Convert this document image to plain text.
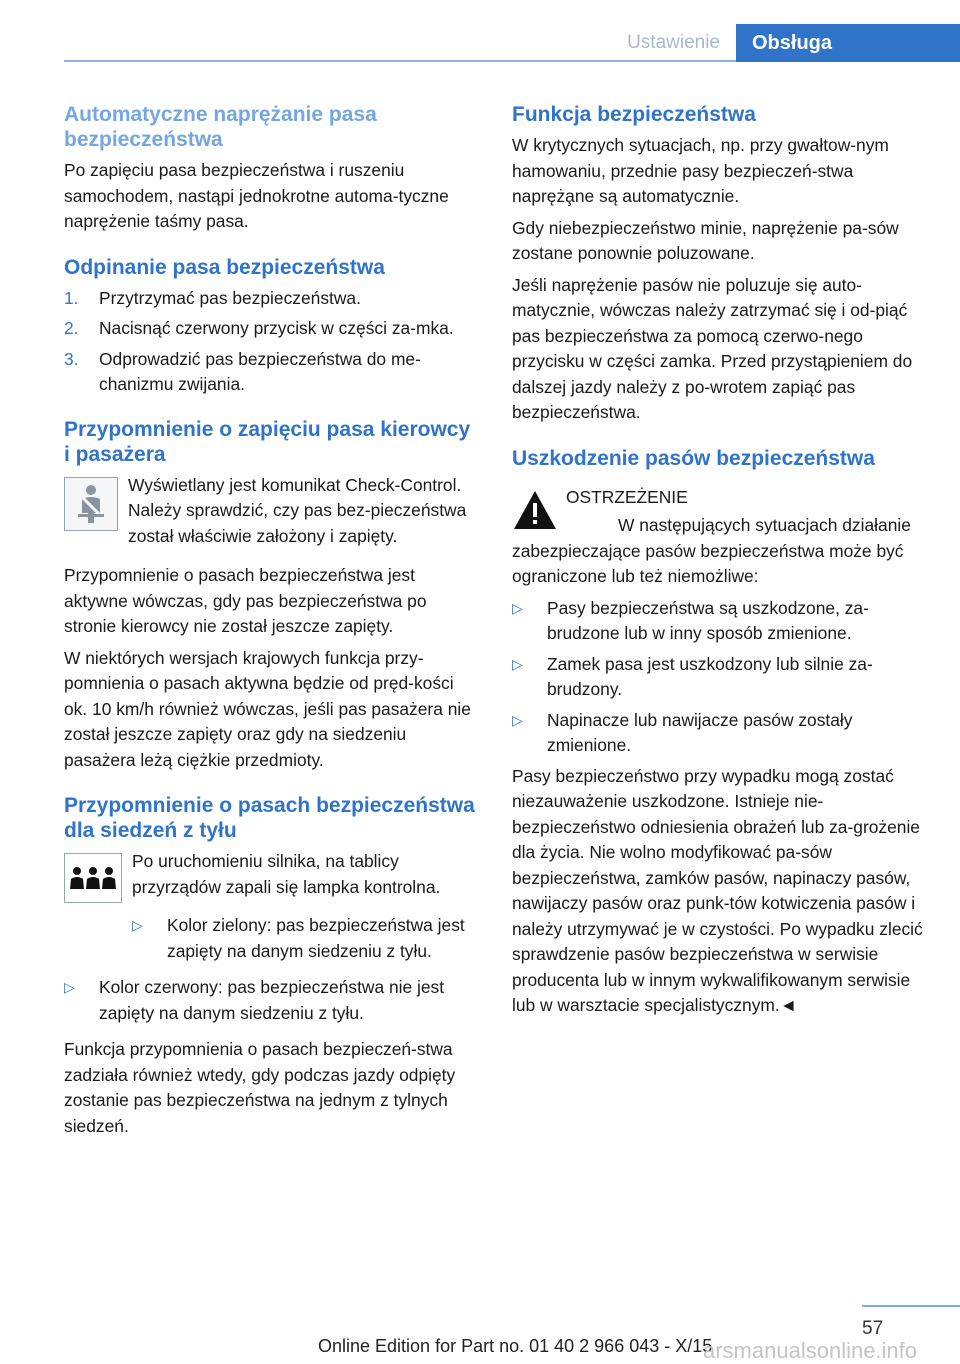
Ustawienie	Obsługa
Automatyczne naprężanie pasa bezpieczeństwa

Po zapięciu pasa bezpieczeństwa i ruszeniu samochodem, nastąpi jednokrotne automa-tyczne naprężenie taśmy pasa.

Odpinanie pasa bezpieczeństwa
1. Przytrzymać pas bezpieczeństwa.
2. Nacisnąć czerwony przycisk w części za-mka.
3. Odprowadzić pas bezpieczeństwa do me-chanizmu zwijania.
Przypomnienie o zapięciu pasa kierowcy i pasażera

Wyświetlany jest komunikat Check-Control. Należy sprawdzić, czy pas bez-pieczeństwa został właściwie założony i zapięty.

Przypomnienie o pasach bezpieczeństwa jest aktywne wówczas, gdy pas bezpieczeństwa po stronie kierowcy nie został jeszcze zapięty.

W niektórych wersjach krajowych funkcja przy-pomnienia o pasach aktywna będzie od pręd-kości ok. 10 km/h również wówczas, jeśli pas pasażera nie został jeszcze zapięty oraz gdy na siedzeniu pasażera leżą ciężkie przedmioty.

Przypomnienie o pasach bezpieczeństwa dla siedzeń z tyłu

Po uruchomieniu silnika, na tablicy przyrządów zapali się lampka kontrolna.

▷ Kolor zielony: pas bezpieczeństwa jest zapięty na danym siedzeniu z tyłu.
▷ Kolor czerwony: pas bezpieczeństwa nie jest zapięty na danym siedzeniu z tyłu.

Funkcja przypomnienia o pasach bezpieczeń-stwa zadziała również wtedy, gdy podczas jazdy odpięty zostanie pas bezpieczeństwa na jednym z tylnych siedzeń.

Funkcja bezpieczeństwa

W krytycznych sytuacjach, np. przy gwałtow-nym hamowaniu, przednie pasy bezpieczeń-stwa napręża̧ne są automatycznie.

Gdy niebezpieczeństwo minie, naprężenie pa-sów zostane ponownie poluzowane.

Jeśli naprężenie pasów nie poluzuje się auto-matycznie, wówczas należy zatrzymać się i od-piąć pas bezpieczeństwa za pomocą czerwo-nego przycisku w części zamka. Przed przystąpieniem do dalszej jazdy należy z po-wrotem zapiąć pas bezpieczeństwa.

Uszkodzenie pasów bezpieczeństwa

OSTRZEŻENIE

W następujących sytuacjach działanie zabezpieczające pasów bezpieczeństwa może być ograniczone lub też niemożliwe:

▷ Pasy bezpieczeństwa są uszkodzone, za-brudzone lub w inny sposób zmienione.
▷ Zamek pasa jest uszkodzony lub silnie za-brudzony.
▷ Napinacze lub nawijacze pasów zostały zmienione.

Pasy bezpieczeństwo przy wypadku mogą zostać niezauważenie uszkodzone. Istnieje nie-bezpieczeństwo odniesienia obrażeń lub za-grożenie dla życia. Nie wolno modyfikować pa-sów bezpieczeństwa, zamków pasów, napinaczy pasów, nawijaczy pasów oraz punk-tów kotwiczenia pasów i należy utrzymywać je w czystości. Po wypadku zlecić sprawdzenie pasów bezpieczeństwa w serwisie producenta lub w innym wykwalifikowanym serwisie lub w warsztacie specjalistycznym.◄

57
Online Edition for Part no. 01 40 2 966 043 - X/15
arsmanualsonline.info
